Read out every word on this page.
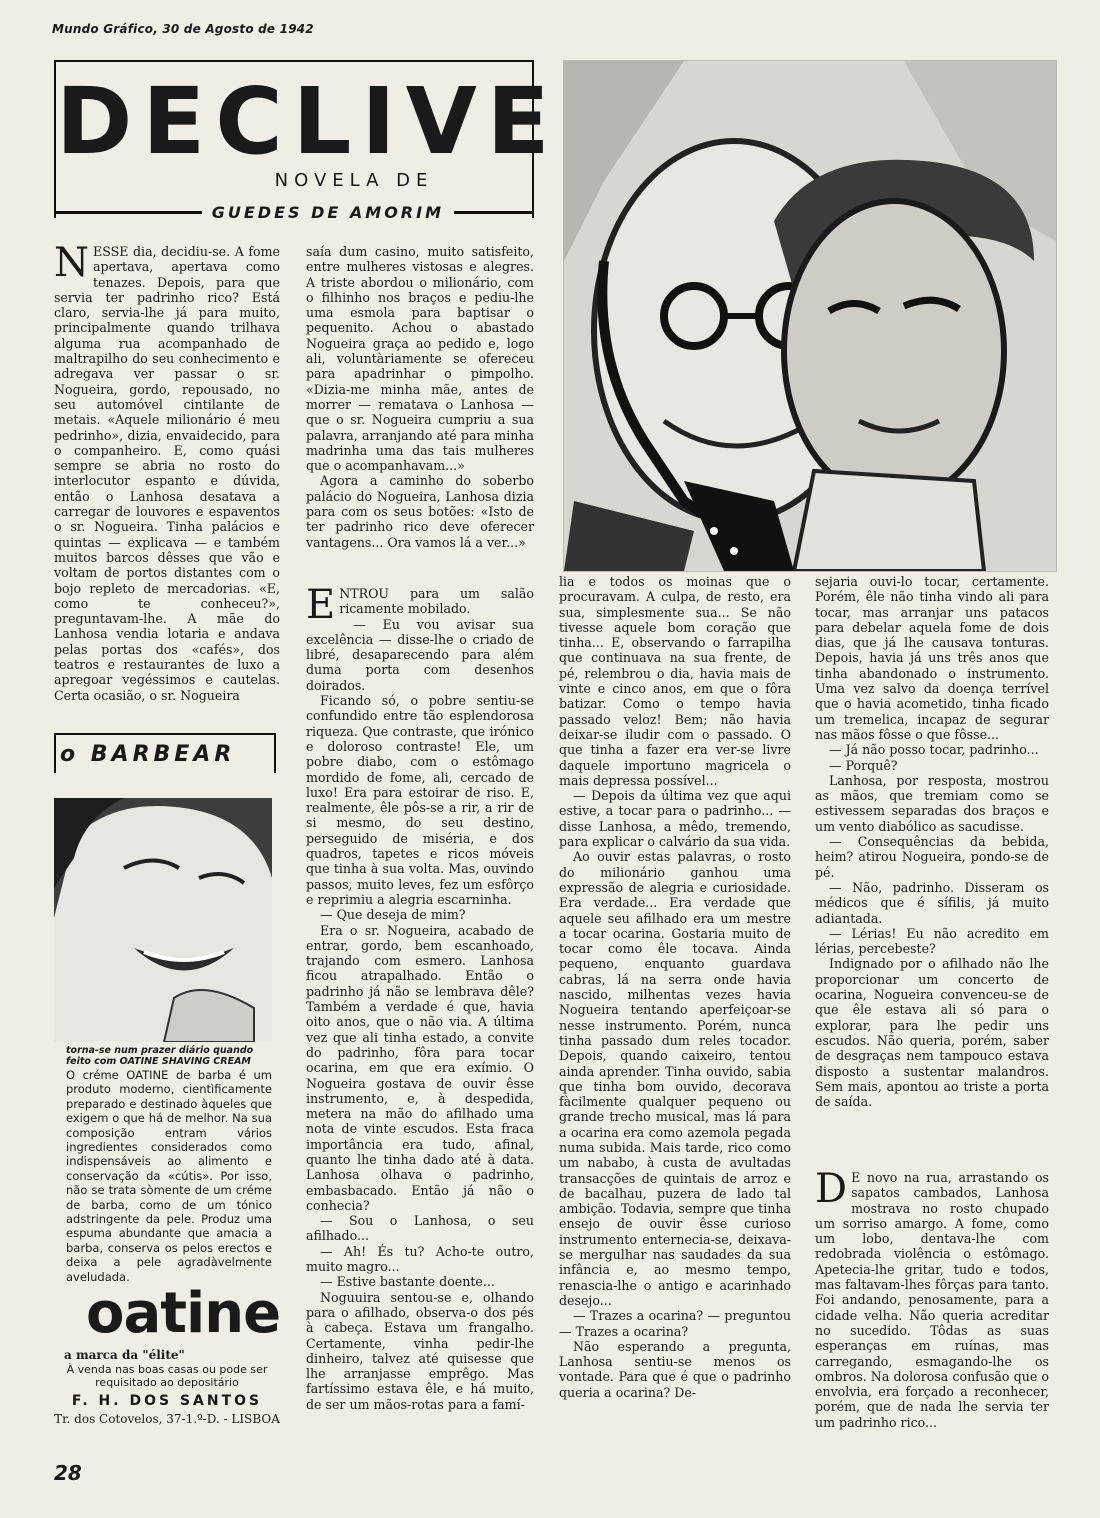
Mundo Gráfico, 30 de Agosto de 1942
DECLIVE
NOVELA DE
GUEDES DE AMORIM
N ESSE dia, decidiu-se. A fome apertava, apertava como tenazes. Depois, para que servia ter padrinho rico? Está claro, servia-lhe já para muito, principalmente quando trilhava alguma rua acompanhado de maltrapilho do seu conhecimento e adregava ver passar o sr. Nogueira, gordo, repousado, no seu automóvel cintilante de metais. «Aquele milionário é meu pedrinho», dizia, envaidecido, para o companheiro. E, como quási sempre se abria no rosto do interlocutor espanto e dúvida, então o Lanhosa desatava a carregar de louvores e espaventos o sr. Nogueira. Tinha palácios e quintas — explicava — e também muitos barcos dêsses que vão e voltam de portos distantes com o bojo repleto de mercadorias. «E, como te conheceu?», preguntavam-lhe. A mãe do Lanhosa vendia lotaria e andava pelas portas dos «cafés», dos teatros e restaurantes de luxo a apregoar vegéssimos e cautelas. Certa ocasião, o sr. Nogueira

saía dum casino, muito satisfeito, entre mulheres vistosas e alegres. A triste abordou o milionário, com o filhinho nos braços e pediu-lhe uma esmola para baptisar o pequenito. Achou o abastado Nogueira graça ao pedido e, logo ali, voluntàriamente se ofereceu para apadrinhar o pimpolho. «Dizia-me minha mãe, antes de morrer — rematava o Lanhosa — que o sr. Nogueira cumpriu a sua palavra, arranjando até para minha madrinha uma das tais mulheres que o acompanhavam...»

Agora a caminho do soberbo palácio do Nogueira, Lanhosa dizia para com os seus botões: «Isto de ter padrinho rico deve oferecer vantagens... Ora vamos lá a ver...»

E NTROU para um salão ricamente mobilado.

— Eu vou avisar sua excelência — disse-lhe o criado de libré, desaparecendo para além duma porta com desenhos doirados.

Ficando só, o pobre sentiu-se confundido entre tão esplendorosa riqueza. Que contraste, que irónico e doloroso contraste! Ele, um pobre diabo, com o estômago mordido de fome, ali, cercado de luxo! Era para estoirar de riso. E, realmente, êle pôs-se a rir, a rir de si mesmo, do seu destino, perseguido de miséria, e dos quadros, tapetes e ricos móveis que tinha à sua volta. Mas, ouvindo passos, muito leves, fez um esfôrço e reprimiu a alegria escarninha.

— Que deseja de mim?

Era o sr. Nogueira, acabado de entrar, gordo, bem escanhoado, trajando com esmero. Lanhosa ficou atrapalhado. Então o padrinho já não se lembrava dêle? Também a verdade é que, havia oito anos, que o não via. A última vez que ali tinha estado, a convite do padrinho, fôra para tocar ocarina, em que era exímio. O Nogueira gostava de ouvir êsse instrumento, e, à despedida, metera na mão do afilhado uma nota de vinte escudos. Esta fraca importância era tudo, afinal, quanto lhe tinha dado até à data. Lanhosa olhava o padrinho, embasbacado. Então já não o conhecia?

— Sou o Lanhosa, o seu afilhado...

— Ah! És tu? Acho-te outro, muito magro...

— Estive bastante doente...

Noguuira sentou-se e, olhando para o afilhado, observa-o dos pés à cabeça. Estava um frangalho. Certamente, vinha pedir-lhe dinheiro, talvez até quisesse que lhe arranjasse emprêgo. Mas fartíssimo estava êle, e há muito, de ser um mãos-rotas para a famí-

lia e todos os moinas que o procuravam. A culpa, de resto, era sua, simplesmente sua... Se não tivesse aquele bom coração que tinha... E, observando o farrapilha que continuava na sua frente, de pé, relembrou o dia, havia mais de vinte e cinco anos, em que o fôra batizar. Como o tempo havia passado veloz! Bem; não havia deixar-se iludir com o passado. O que tinha a fazer era ver-se livre daquele importuno magricela o mais depressa possível...

— Depois da última vez que aqui estive, a tocar para o padrinho... — disse Lanhosa, a mêdo, tremendo, para explicar o calvário da sua vida.

Ao ouvir estas palavras, o rosto do milionário ganhou uma expressão de alegria e curiosidade. Era verdade... Era verdade que aquele seu afilhado era um mestre a tocar ocarina. Gostaria muito de tocar como êle tocava. Ainda pequeno, enquanto guardava cabras, lá na serra onde havia nascido, milhentas vezes havia Nogueira tentando aperfeiçoar-se nesse instrumento. Porém, nunca tinha passado dum reles tocador. Depois, quando caixeiro, tentou ainda aprender. Tinha ouvido, sabia que tinha bom ouvido, decorava fàcilmente qualquer pequeno ou grande trecho musical, mas lá para a ocarina era como azemola pegada numa subida. Mais tarde, rico como um nababo, à custa de avultadas transacções de quintais de arroz e de bacalhau, puzera de lado tal ambição. Todavia, sempre que tinha ensejo de ouvir êsse curioso instrumento enternecia-se, deixava-se mergulhar nas saudades da sua infância e, ao mesmo tempo, renascia-lhe o antigo e acarinhado desejo...

— Trazes a ocarina? — preguntou — Trazes a ocarina?

Não esperando a pregunta, Lanhosa sentiu-se menos os vontade. Para que é que o padrinho queria a ocarina? De-

sejaria ouvi-lo tocar, certamente. Porém, êle não tinha vindo ali para tocar, mas arranjar uns patacos para debelar aquela fome de dois dias, que já lhe causava tonturas. Depois, havia já uns três anos que tinha abandonado o instrumento. Uma vez salvo da doença terrível que o havia acometido, tinha ficado um tremelica, incapaz de segurar nas mãos fôsse o que fôsse...

— Já não posso tocar, padrinho...

— Porquê?

Lanhosa, por resposta, mostrou as mãos, que tremiam como se estivessem separadas dos braços e um vento diabólico as sacudisse.

— Consequências da bebida, heim? atirou Nogueira, pondo-se de pé.

— Não, padrinho. Disseram os médicos que é sífilis, já muito adiantada.

— Lérias! Eu não acredito em lérias, percebeste?

Indignado por o afilhado não lhe proporcionar um concerto de ocarina, Nogueira convenceu-se de que êle estava ali só para o explorar, para lhe pedir uns escudos. Não queria, porém, saber de desgraças nem tampouco estava disposto a sustentar malandros. Sem mais, apontou ao triste a porta de saída.

D E novo na rua, arrastando os sapatos cambados, Lanhosa mostrava no rosto chupado um sorriso amargo. A fome, como um lobo, dentava-lhe com redobrada violência o estômago. Apetecia-lhe gritar, tudo e todos, mas faltavam-lhes fôrças para tanto. Foi andando, penosamente, para a cidade velha. Não queria acreditar no sucedido. Tôdas as suas esperanças em ruínas, mas carregando, esmagando-lhe os ombros. Na dolorosa confusão que o envolvia, era forçado a reconhecer, porém, que de nada lhe servia ter um padrinho rico...

o BARBEAR
torna-se num prazer diário quando feito com OATINE SHAVING CREAM
O créme OATINE de barba é um produto moderno, cientìficamente preparado e destinado àqueles que exigem o que há de melhor. Na sua composição entram vários ingredientes considerados como indispensáveis ao alimento e conservação da «cútis». Por isso, não se trata sòmente de um créme de barba, como de um tónico adstringente da pele. Produz uma espuma abundante que amacia a barba, conserva os pelos erectos e deixa a pele agradàvelmente aveludada.
oatine
a marca da "élite"
À venda nas boas casas ou pode ser requisitado ao depositário
F. H. DOS SANTOS
Tr. dos Cotovelos, 37-1.º-D. - LISBOA
28
